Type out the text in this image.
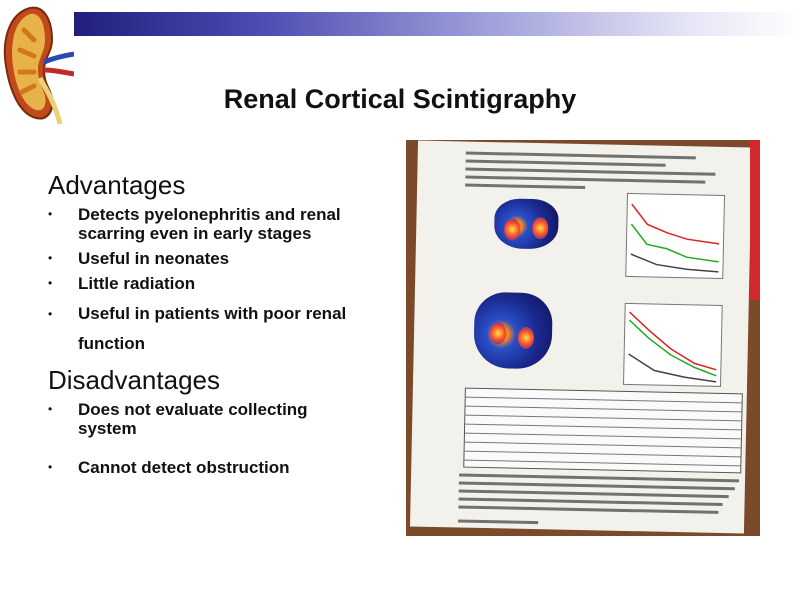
Renal Cortical Scintigraphy
Advantages
• Detects pyelonephritis and renal scarring even in early stages
• Useful in neonates
• Little radiation
• Useful in patients with poor renal function
Disadvantages
• Does not evaluate collecting system
• Cannot detect obstruction
